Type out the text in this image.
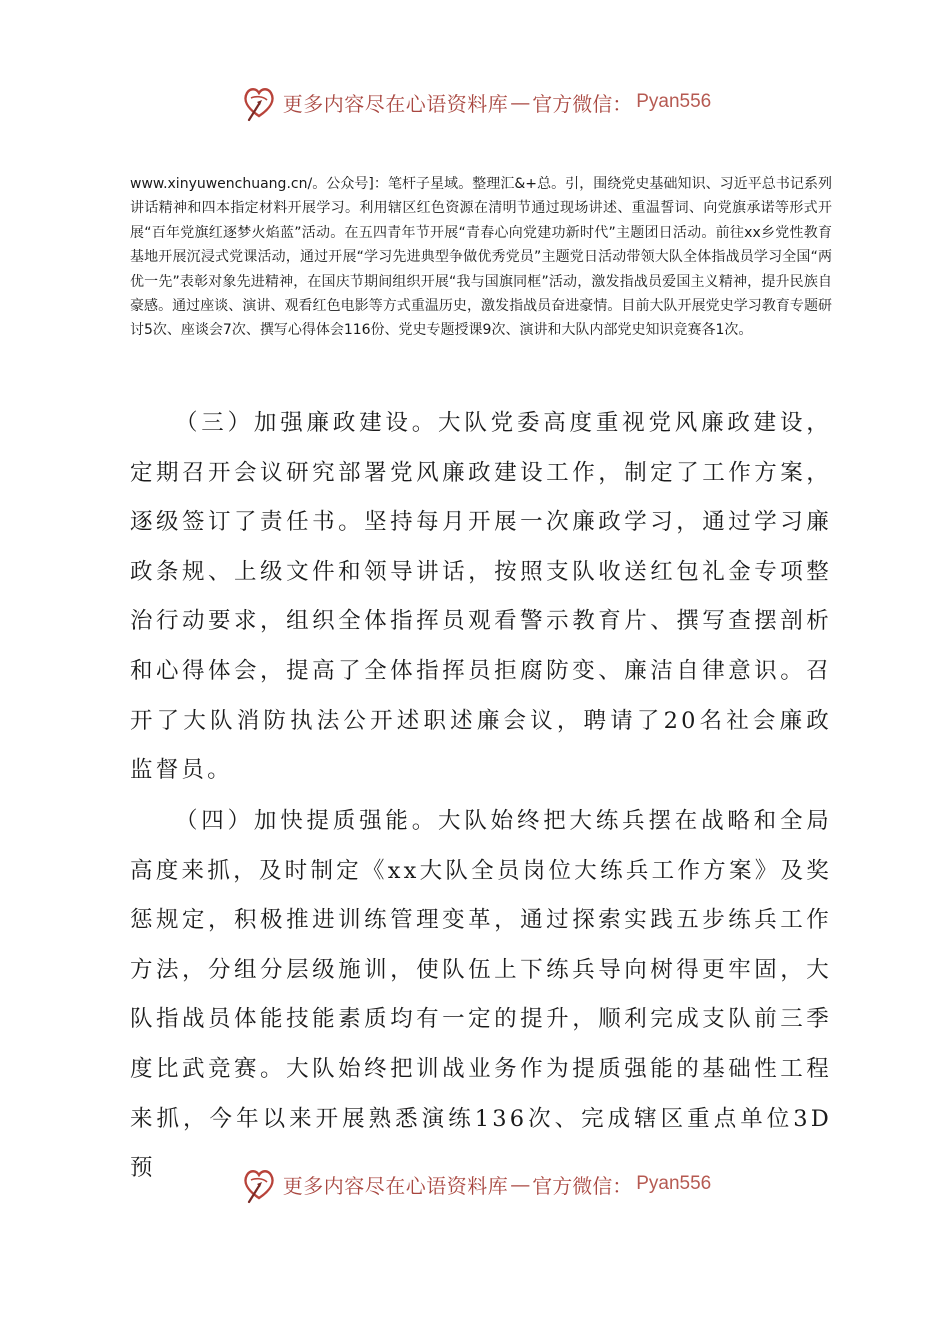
更多内容尽在心语资料库 — 官方微信： Pyan556

www.xinyuwenchuang.cn/。公众号]：笔杆子星域。整理汇&+总。引，围绕党史基础知识、习近平总书记系列讲话精神和四本指定材料开展学习。利用辖区红色资源在清明节通过现场讲述、重温誓词、向党旗承诺等形式开展“百年党旗红逐梦火焰蓝”活动。在五四青年节开展“青春心向党建功新时代”主题团日活动。前往xx乡党性教育基地开展沉浸式党课活动，通过开展“学习先进典型争做优秀党员”主题党日活动带领大队全体指战员学习全国“两优一先”表彰对象先进精神，在国庆节期间组织开展“我与国旗同框”活动，激发指战员爱国主义精神，提升民族自豪感。通过座谈、演讲、观看红色电影等方式重温历史，激发指战员奋进豪情。目前大队开展党史学习教育专题研讨5次、座谈会7次、撰写心得体会116份、党史专题授课9次、演讲和大队内部党史知识竞赛各1次。

（三）加强廉政建设。大队党委高度重视党风廉政建设，定期召开会议研究部署党风廉政建设工作，制定了工作方案，逐级签订了责任书。坚持每月开展一次廉政学习，通过学习廉政条规、上级文件和领导讲话，按照支队收送红包礼金专项整治行动要求，组织全体指挥员观看警示教育片、撰写查摆剖析和心得体会，提高了全体指挥员拒腐防变、廉洁自律意识。召开了大队消防执法公开述职述廉会议，聘请了20名社会廉政监督员。

（四）加快提质强能。大队始终把大练兵摆在战略和全局高度来抓，及时制定《xx大队全员岗位大练兵工作方案》及奖惩规定，积极推进训练管理变革，通过探索实践五步练兵工作方法，分组分层级施训，使队伍上下练兵导向树得更牢固，大队指战员体能技能素质均有一定的提升，顺利完成支队前三季度比武竞赛。大队始终把训战业务作为提质强能的基础性工程来抓，今年以来开展熟悉演练136次、完成辖区重点单位3D预

更多内容尽在心语资料库 — 官方微信： Pyan556
